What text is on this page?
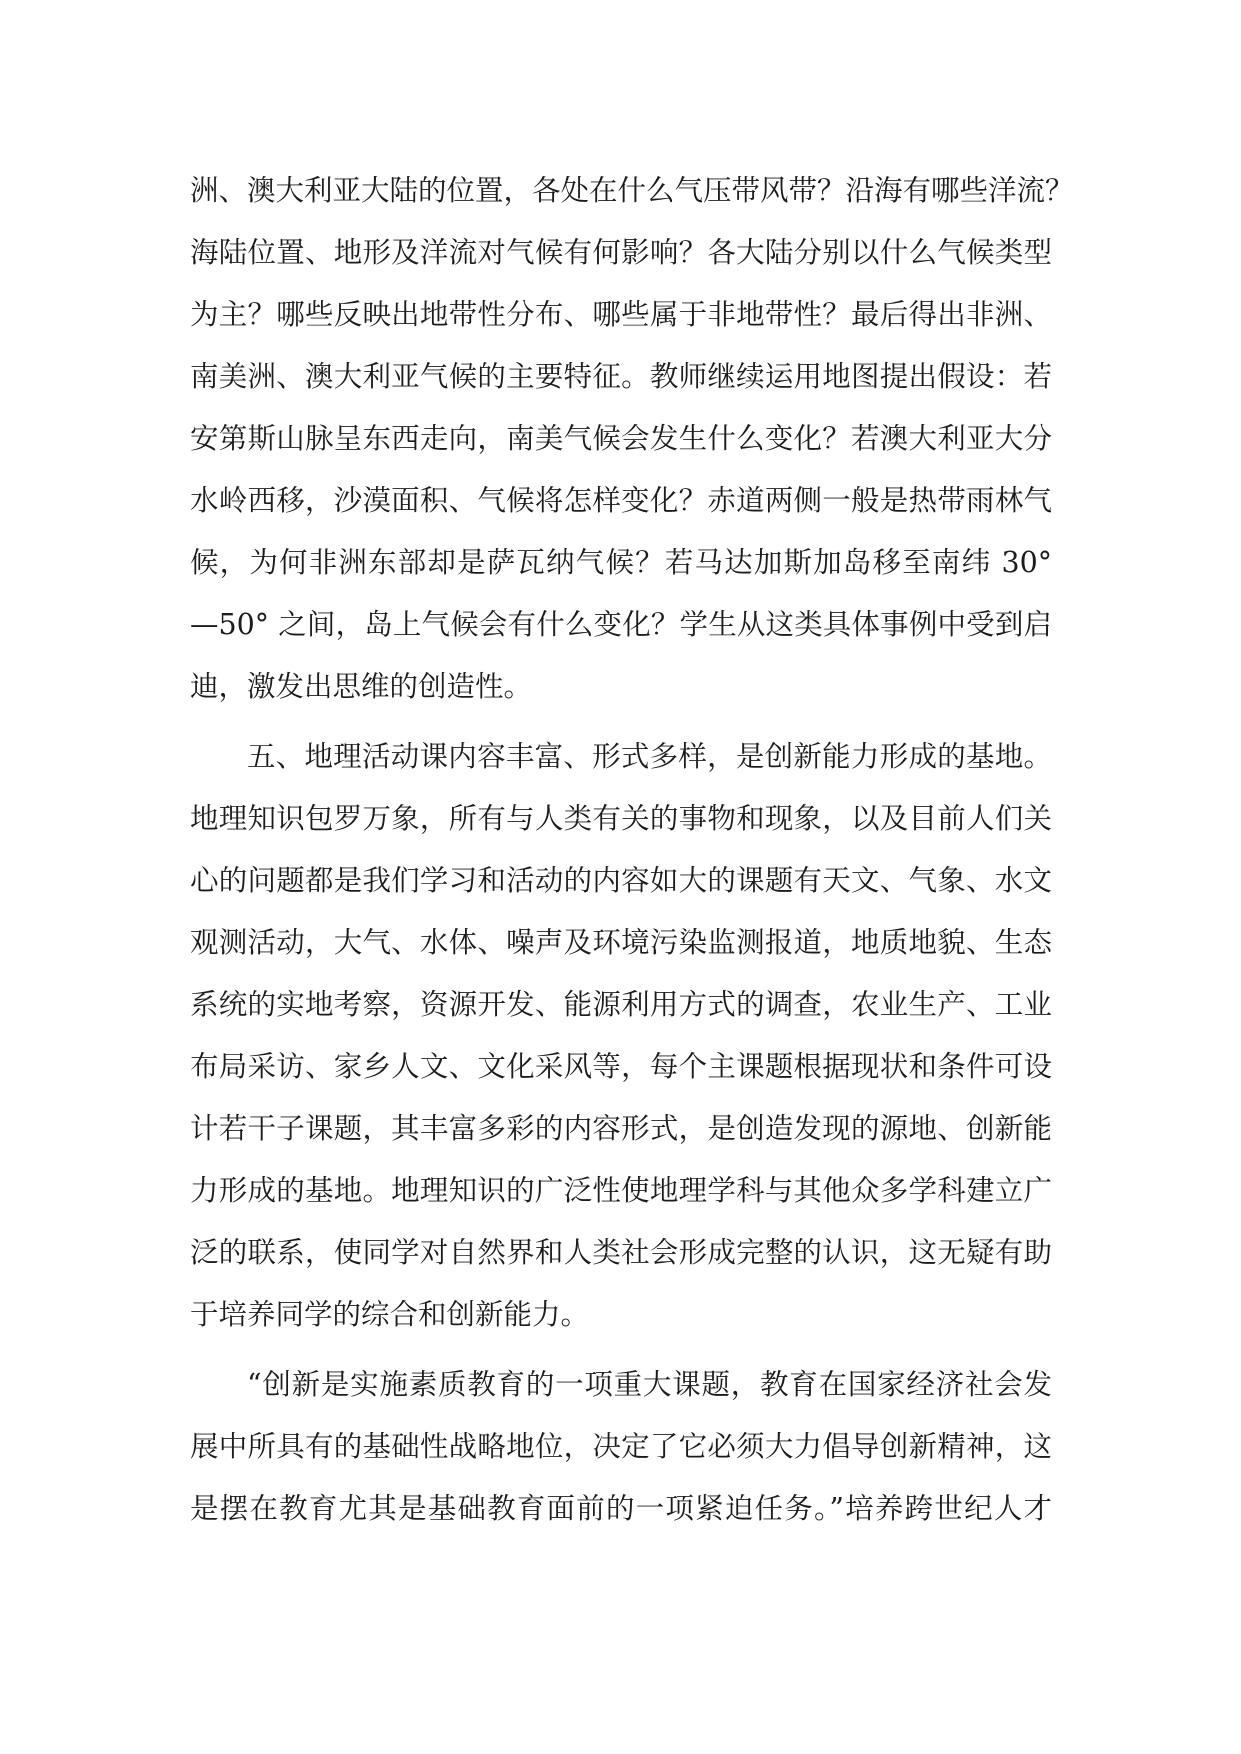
洲、澳大利亚大陆的位置，各处在什么气压带风带？沿海有哪些洋流？
海陆位置、地形及洋流对气候有何影响？各大陆分别以什么气候类型
为主？哪些反映出地带性分布、哪些属于非地带性？最后得出非洲、
南美洲、澳大利亚气候的主要特征。教师继续运用地图提出假设：若
安第斯山脉呈东西走向，南美气候会发生什么变化？若澳大利亚大分
水岭西移，沙漠面积、气候将怎样变化？赤道两侧一般是热带雨林气
候，为何非洲东部却是萨瓦纳气候？若马达加斯加岛移至南纬 30°
—50° 之间，岛上气候会有什么变化？学生从这类具体事例中受到启
迪，激发出思维的创造性。
五、地理活动课内容丰富、形式多样，是创新能力形成的基地。
地理知识包罗万象，所有与人类有关的事物和现象，以及目前人们关
心的问题都是我们学习和活动的内容如大的课题有天文、气象、水文
观测活动，大气、水体、噪声及环境污染监测报道，地质地貌、生态
系统的实地考察，资源开发、能源利用方式的调查，农业生产、工业
布局采访、家乡人文、文化采风等，每个主课题根据现状和条件可设
计若干子课题，其丰富多彩的内容形式，是创造发现的源地、创新能
力形成的基地。地理知识的广泛性使地理学科与其他众多学科建立广
泛的联系，使同学对自然界和人类社会形成完整的认识，这无疑有助
于培养同学的综合和创新能力。
“创新是实施素质教育的一项重大课题，教育在国家经济社会发
展中所具有的基础性战略地位，决定了它必须大力倡导创新精神，这
是摆在教育尤其是基础教育面前的一项紧迫任务。”培养跨世纪人才
